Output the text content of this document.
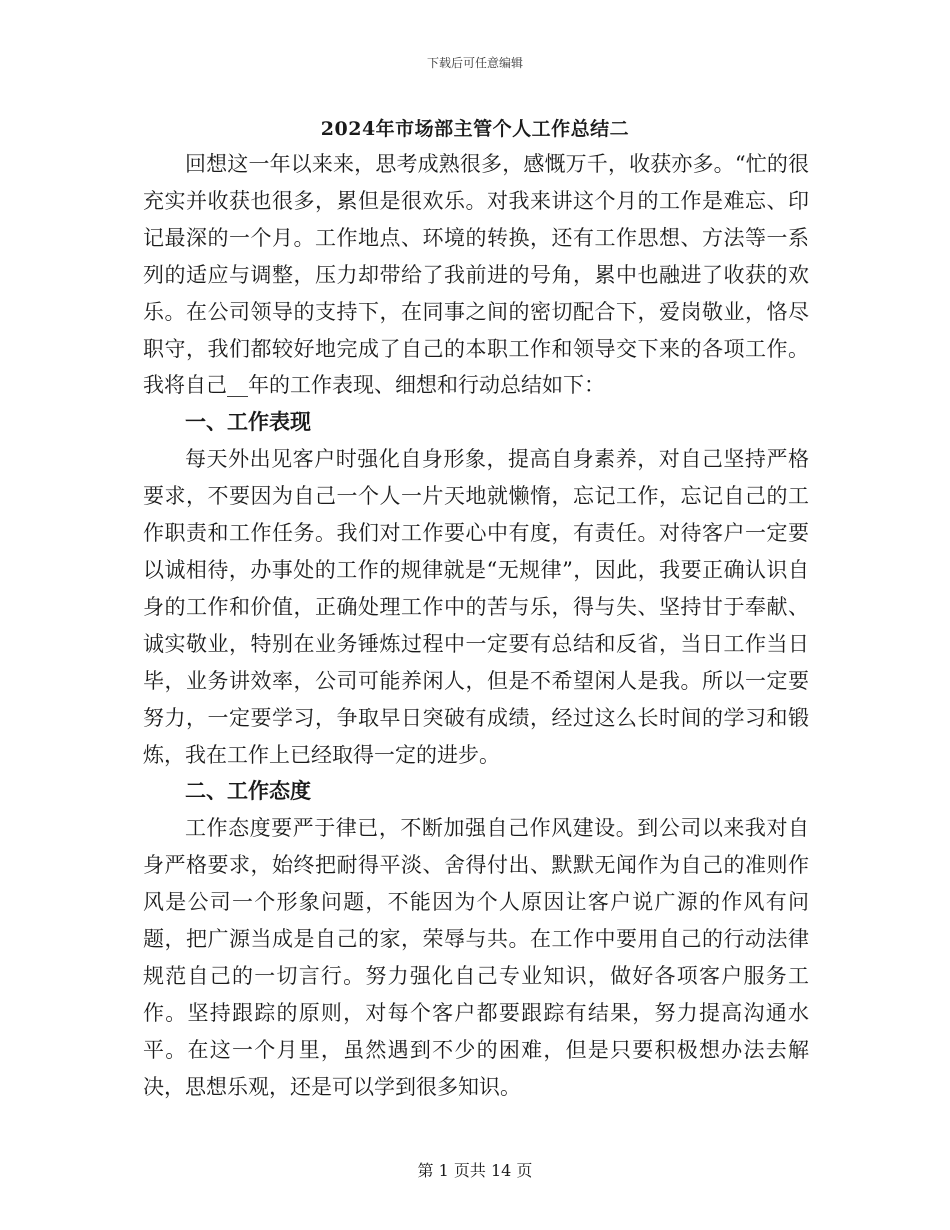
下载后可任意编辑
2024年市场部主管个人工作总结二

回想这一年以来来，思考成熟很多，感慨万千，收获亦多。“忙的很充实并收获也很多，累但是很欢乐。对我来讲这个月的工作是难忘、印记最深的一个月。工作地点、环境的转换，还有工作思想、方法等一系列的适应与调整，压力却带给了我前进的号角，累中也融进了收获的欢乐。在公司领导的支持下，在同事之间的密切配合下，爱岗敬业，恪尽职守，我们都较好地完成了自己的本职工作和领导交下来的各项工作。我将自己__年的工作表现、细想和行动总结如下：

一、工作表现

每天外出见客户时强化自身形象，提高自身素养，对自己坚持严格要求，不要因为自己一个人一片天地就懒惰，忘记工作，忘记自己的工作职责和工作任务。我们对工作要心中有度，有责任。对待客户一定要以诚相待，办事处的工作的规律就是“无规律”，因此，我要正确认识自身的工作和价值，正确处理工作中的苦与乐，得与失、坚持甘于奉献、诚实敬业，特别在业务锤炼过程中一定要有总结和反省，当日工作当日毕，业务讲效率，公司可能养闲人，但是不希望闲人是我。所以一定要努力，一定要学习，争取早日突破有成绩，经过这么长时间的学习和锻炼，我在工作上已经取得一定的进步。

二、工作态度

工作态度要严于律已，不断加强自己作风建设。到公司以来我对自身严格要求，始终把耐得平淡、舍得付出、默默无闻作为自己的准则作风是公司一个形象问题，不能因为个人原因让客户说广源的作风有问题，把广源当成是自己的家，荣辱与共。在工作中要用自己的行动法律规范自己的一切言行。努力强化自己专业知识，做好各项客户服务工作。坚持跟踪的原则，对每个客户都要跟踪有结果，努力提高沟通水平。在这一个月里，虽然遇到不少的困难，但是只要积极想办法去解决，思想乐观，还是可以学到很多知识。

第 1 页共 14 页
